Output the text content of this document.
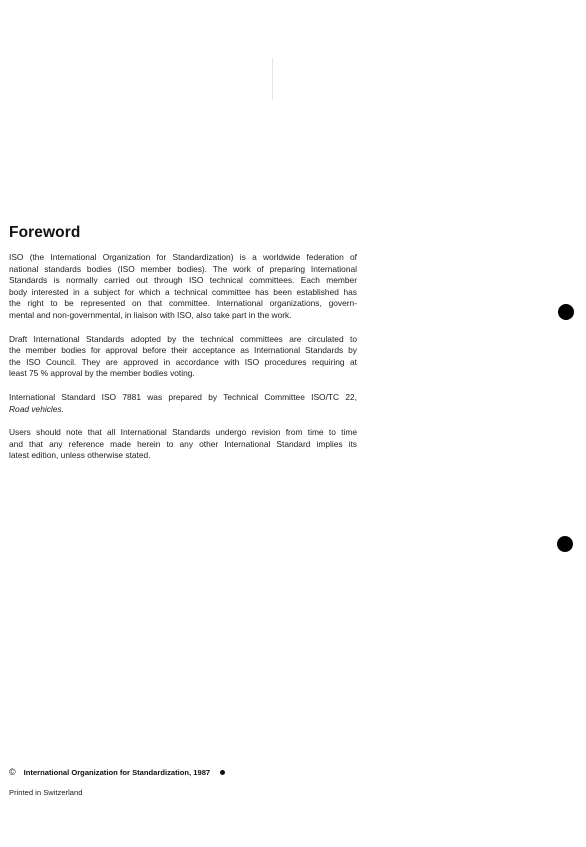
Foreword

ISO (the International Organization for Standardization) is a worldwide federation of
national standards bodies (ISO member bodies). The work of preparing International
Standards is normally carried out through ISO technical committees. Each member
body interested in a subject for which a technical committee has been established has
the right to be represented on that committee. International organizations, govern-
mental and non-governmental, in liaison with ISO, also take part in the work.

Draft International Standards adopted by the technical committees are circulated to
the member bodies for approval before their acceptance as International Standards by
the ISO Council. They are approved in accordance with ISO procedures requiring at
least 75 % approval by the member bodies voting.

International Standard ISO 7881 was prepared by Technical Committee ISO/TC 22,
Road vehicles.

Users should note that all International Standards undergo revision from time to time
and that any reference made herein to any other International Standard implies its
latest edition, unless otherwise stated.

© International Organization for Standardization, 1987
Printed in Switzerland
